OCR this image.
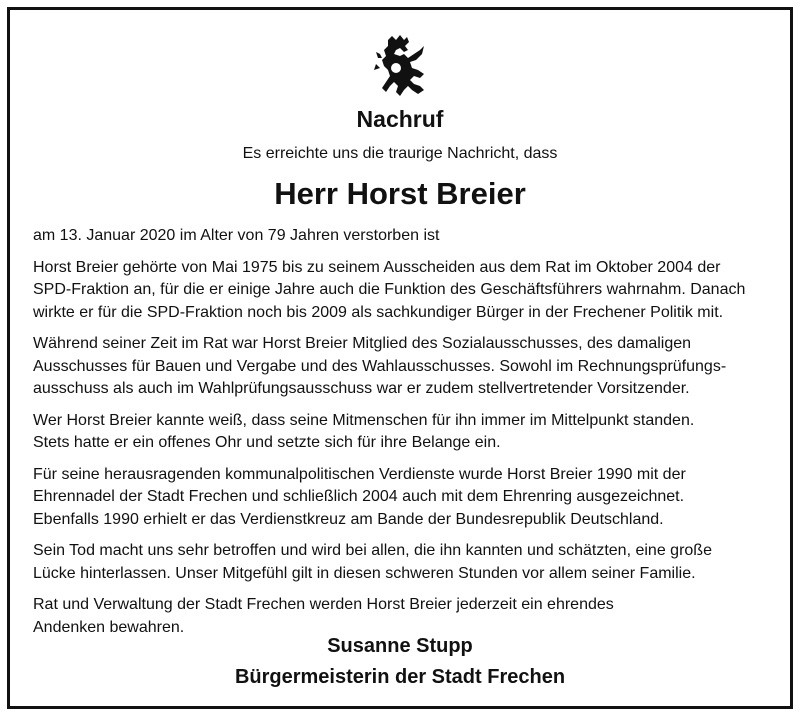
Nachruf
Es erreichte uns die traurige Nachricht, dass
Herr Horst Breier

am 13. Januar 2020 im Alter von 79 Jahren verstorben ist

Horst Breier gehörte von Mai 1975 bis zu seinem Ausscheiden aus dem Rat im Oktober 2004 der
SPD-Fraktion an, für die er einige Jahre auch die Funktion des Geschäftsführers wahrnahm. Danach
wirkte er für die SPD-Fraktion noch bis 2009 als sachkundiger Bürger in der Frechener Politik mit.

Während seiner Zeit im Rat war Horst Breier Mitglied des Sozialausschusses, des damaligen
Ausschusses für Bauen und Vergabe und des Wahlausschusses. Sowohl im Rechnungsprüfungs-
ausschuss als auch im Wahlprüfungsausschuss war er zudem stellvertretender Vorsitzender.

Wer Horst Breier kannte weiß, dass seine Mitmenschen für ihn immer im Mittelpunkt standen.
Stets hatte er ein offenes Ohr und setzte sich für ihre Belange ein.

Für seine herausragenden kommunalpolitischen Verdienste wurde Horst Breier 1990 mit der
Ehrennadel der Stadt Frechen und schließlich 2004 auch mit dem Ehrenring ausgezeichnet.
Ebenfalls 1990 erhielt er das Verdienstkreuz am Bande der Bundesrepublik Deutschland.

Sein Tod macht uns sehr betroffen und wird bei allen, die ihn kannten und schätzten, eine große
Lücke hinterlassen. Unser Mitgefühl gilt in diesen schweren Stunden vor allem seiner Familie.

Rat und Verwaltung der Stadt Frechen werden Horst Breier jederzeit ein ehrendes
Andenken bewahren.

Susanne Stupp
Bürgermeisterin der Stadt Frechen
